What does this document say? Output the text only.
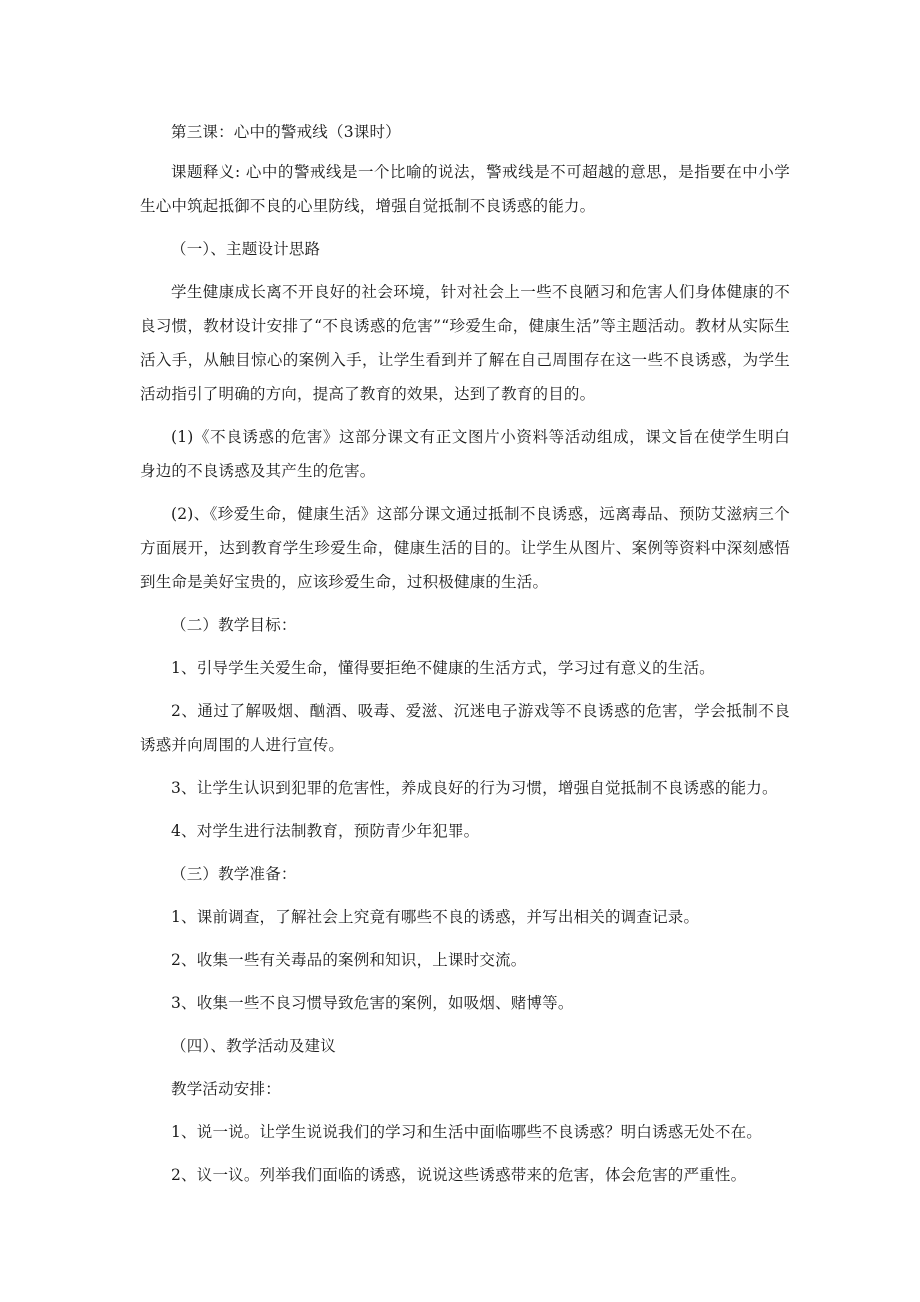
第三课：心中的警戒线（3课时）

课题释义: 心中的警戒线是一个比喻的说法，警戒线是不可超越的意思，是指要在中小学生心中筑起抵御不良的心里防线，增强自觉抵制不良诱惑的能力。

（一）、主题设计思路

学生健康成长离不开良好的社会环境，针对社会上一些不良陋习和危害人们身体健康的不良习惯，教材设计安排了“不良诱惑的危害”“珍爱生命，健康生活”等主题活动。教材从实际生活入手，从触目惊心的案例入手，让学生看到并了解在自己周围存在这一些不良诱惑，为学生活动指引了明确的方向，提高了教育的效果，达到了教育的目的。

(1)《不良诱惑的危害》这部分课文有正文图片小资料等活动组成，课文旨在使学生明白身边的不良诱惑及其产生的危害。

(2)、《珍爱生命，健康生活》这部分课文通过抵制不良诱惑，远离毒品、预防艾滋病三个方面展开，达到教育学生珍爱生命，健康生活的目的。让学生从图片、案例等资料中深刻感悟到生命是美好宝贵的，应该珍爱生命，过积极健康的生活。

（二）教学目标：

1、引导学生关爱生命，懂得要拒绝不健康的生活方式，学习过有意义的生活。

2、通过了解吸烟、酗酒、吸毒、爱滋、沉迷电子游戏等不良诱惑的危害，学会抵制不良诱惑并向周围的人进行宣传。

3、让学生认识到犯罪的危害性，养成良好的行为习惯，增强自觉抵制不良诱惑的能力。

4、对学生进行法制教育，预防青少年犯罪。

（三）教学准备：

1、课前调查，了解社会上究竟有哪些不良的诱惑，并写出相关的调查记录。

2、收集一些有关毒品的案例和知识，上课时交流。

3、收集一些不良习惯导致危害的案例，如吸烟、赌博等。

（四）、教学活动及建议

教学活动安排：

1、说一说。让学生说说我们的学习和生活中面临哪些不良诱惑？明白诱惑无处不在。

2、议一议。列举我们面临的诱惑，说说这些诱惑带来的危害，体会危害的严重性。
